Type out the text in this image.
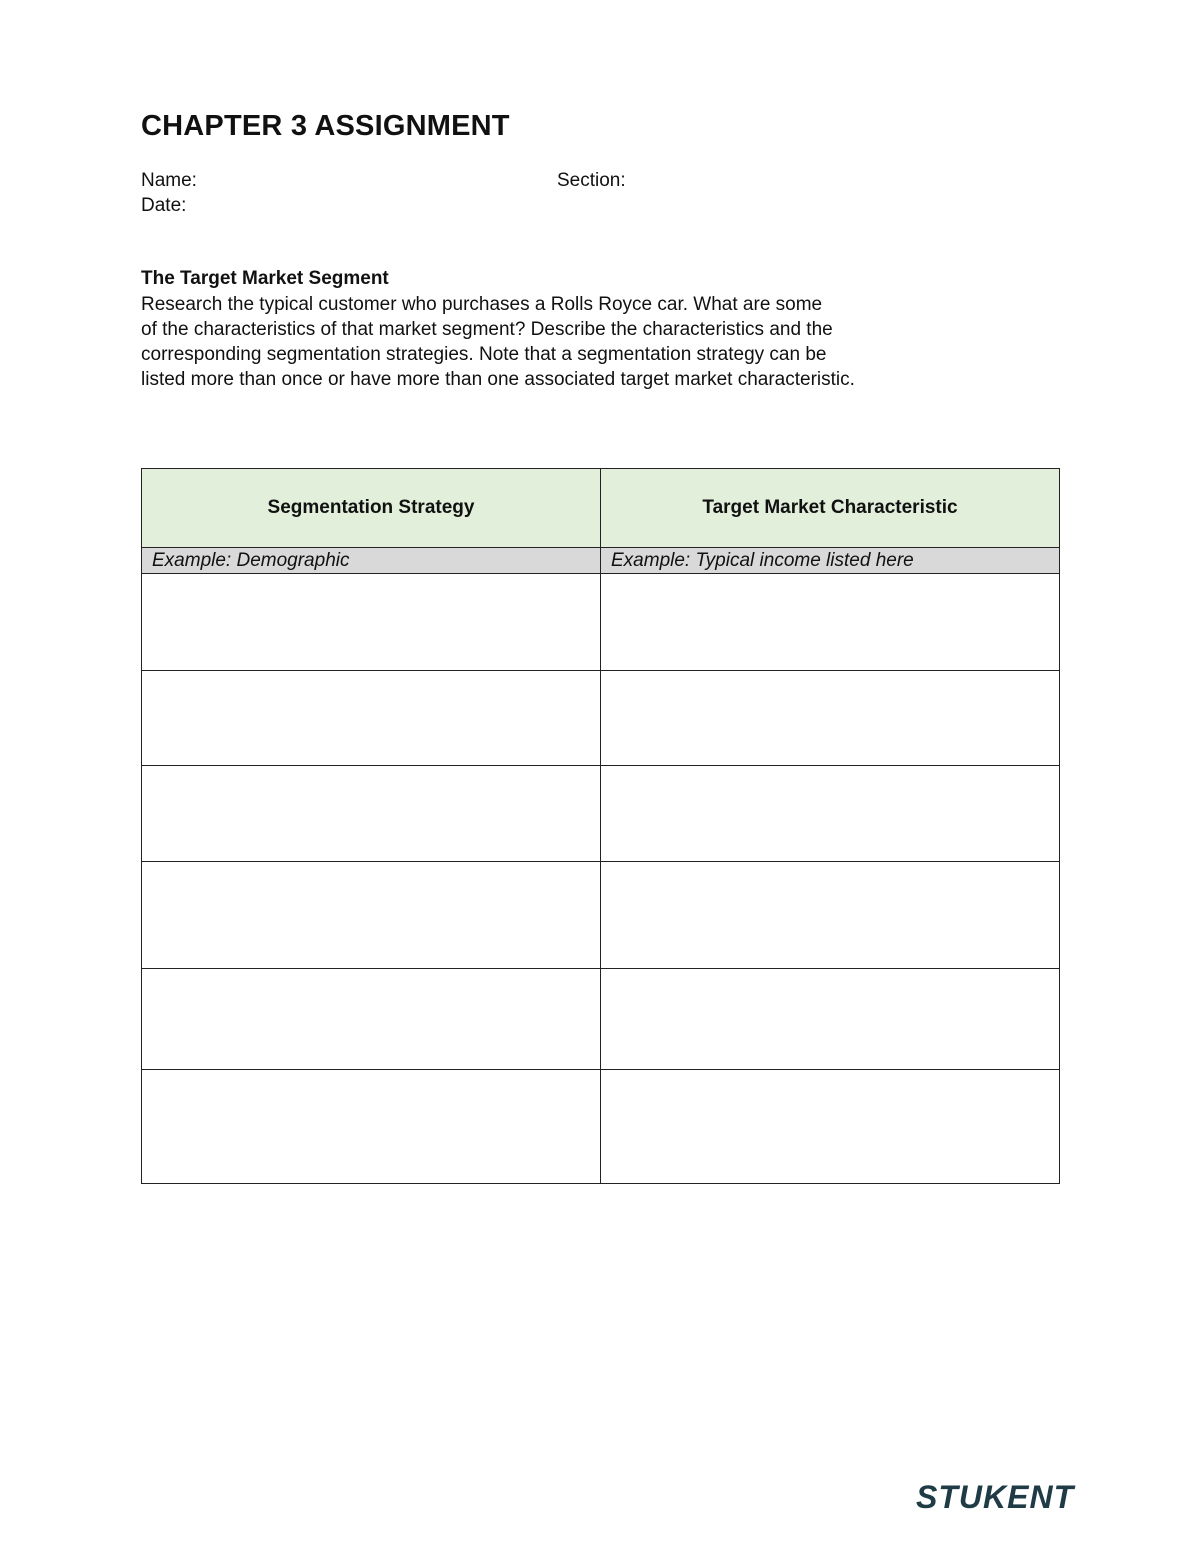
CHAPTER 3 ASSIGNMENT
Name:	Section:
Date:
The Target Market Segment
Research the typical customer who purchases a Rolls Royce car. What are some
of the characteristics of that market segment? Describe the characteristics and the
corresponding segmentation strategies. Note that a segmentation strategy can be
listed more than once or have more than one associated target market characteristic.
Segmentation Strategy	Target Market Characteristic
Example: Demographic	Example: Typical income listed here

STUKENT
